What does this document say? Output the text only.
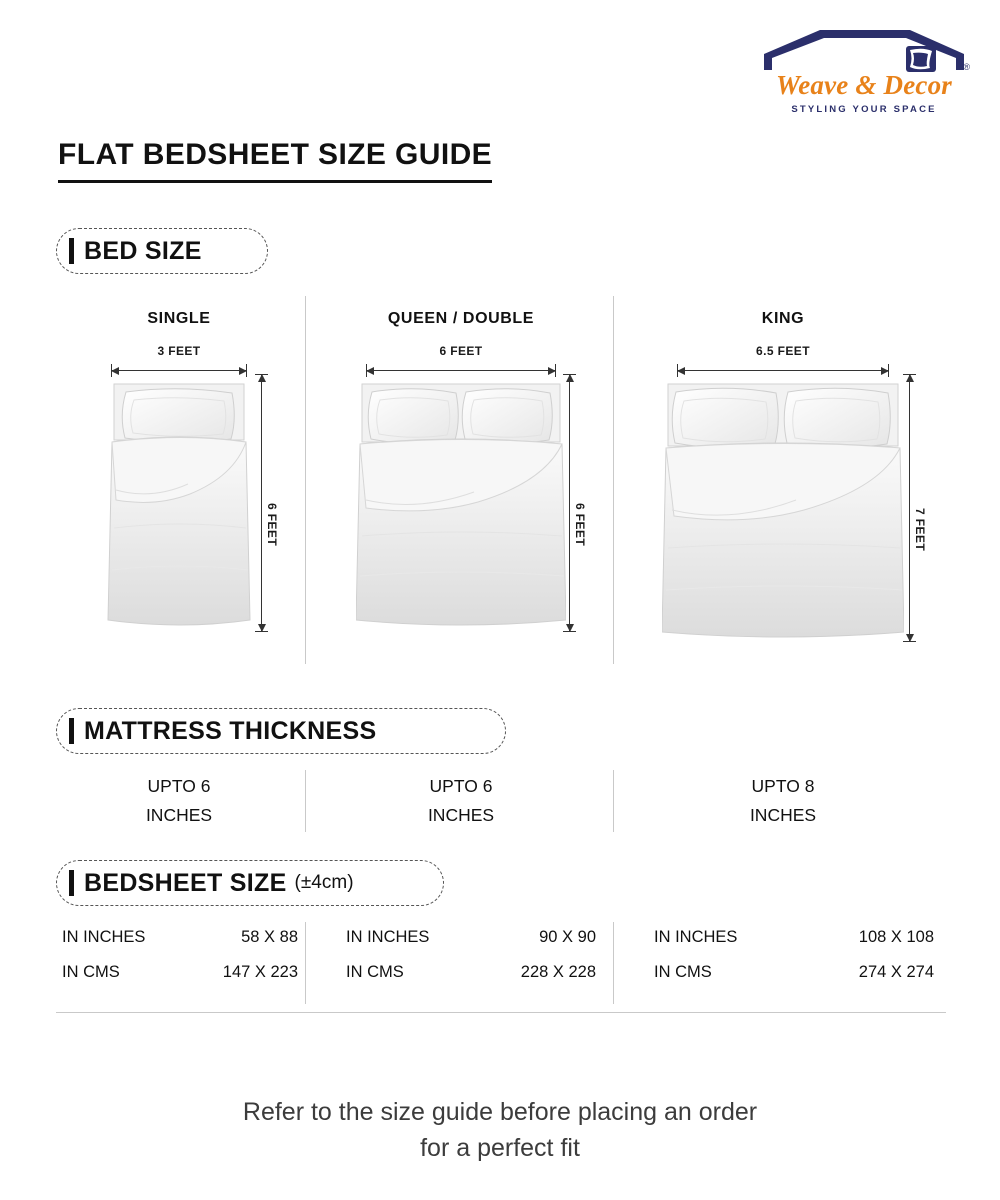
Weave & Decor
®
STYLING YOUR SPACE
FLAT BEDSHEET SIZE GUIDE
BED SIZE
SINGLE
3 FEET
6 FEET
QUEEN / DOUBLE
6 FEET
6 FEET
KING
6.5 FEET
7 FEET
MATTRESS THICKNESS
UPTO 6
INCHES
UPTO 6
INCHES
UPTO 8
INCHES
BEDSHEET SIZE (±4cm)
IN INCHES	58 X 88
IN CMS	147 X 223
IN INCHES	90 X 90
IN CMS	228 X 228
IN INCHES	108 X 108
IN CMS	274 X 274
Refer to the size guide before placing an order
for a perfect fit
